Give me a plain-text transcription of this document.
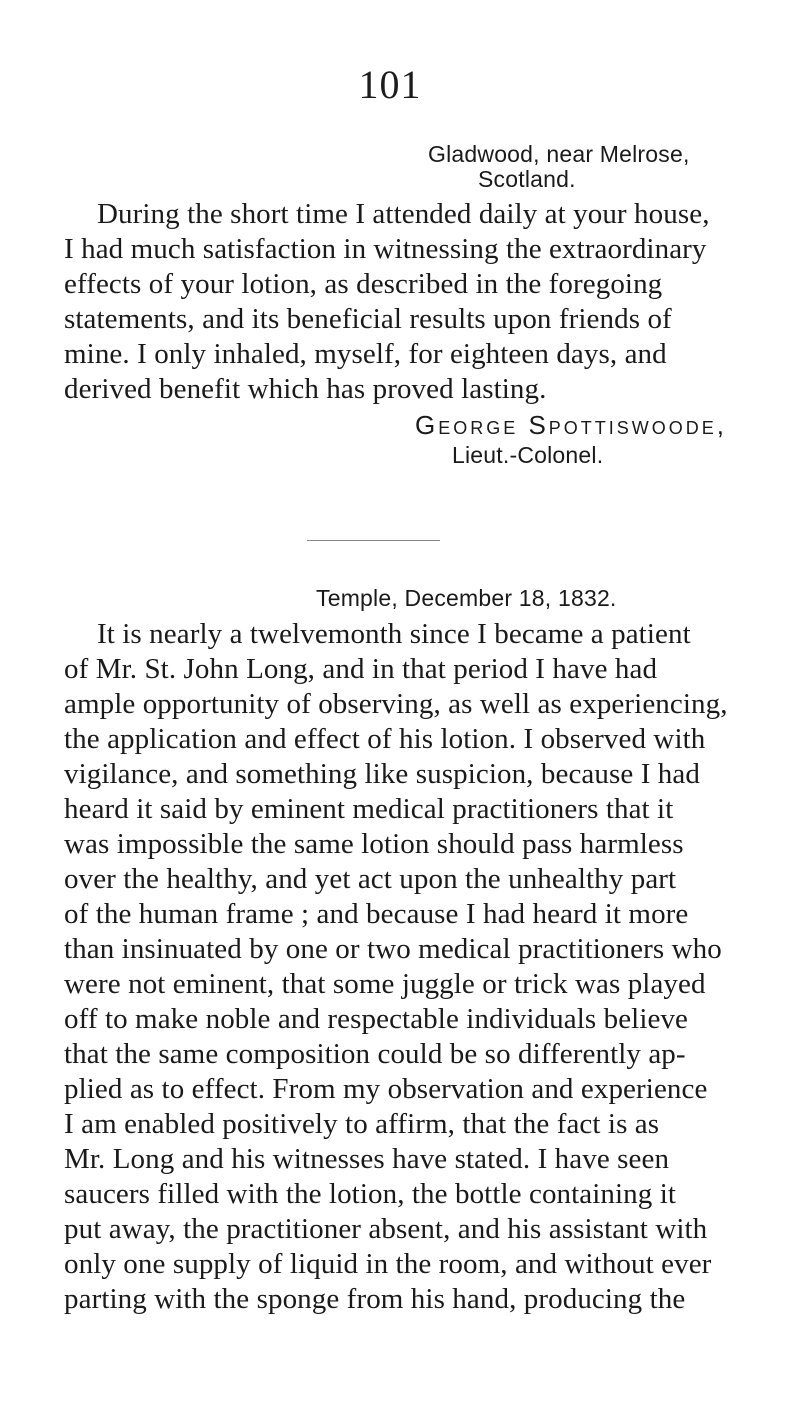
101
Gladwood, near Melrose,
Scotland.
During the short time I attended daily at your house,
I had much satisfaction in witnessing the extraordinary
effects of your lotion, as described in the foregoing
statements, and its beneficial results upon friends of
mine. I only inhaled, myself, for eighteen days, and
derived benefit which has proved lasting.
George Spottiswoode,
Lieut.-Colonel.
Temple, December 18, 1832.
It is nearly a twelvemonth since I became a patient
of Mr. St. John Long, and in that period I have had
ample opportunity of observing, as well as experiencing,
the application and effect of his lotion. I observed with
vigilance, and something like suspicion, because I had
heard it said by eminent medical practitioners that it
was impossible the same lotion should pass harmless
over the healthy, and yet act upon the unhealthy part
of the human frame ; and because I had heard it more
than insinuated by one or two medical practitioners who
were not eminent, that some juggle or trick was played
off to make noble and respectable individuals believe
that the same composition could be so differently ap-
plied as to effect. From my observation and experience
I am enabled positively to affirm, that the fact is as
Mr. Long and his witnesses have stated. I have seen
saucers filled with the lotion, the bottle containing it
put away, the practitioner absent, and his assistant with
only one supply of liquid in the room, and without ever
parting with the sponge from his hand, producing the
